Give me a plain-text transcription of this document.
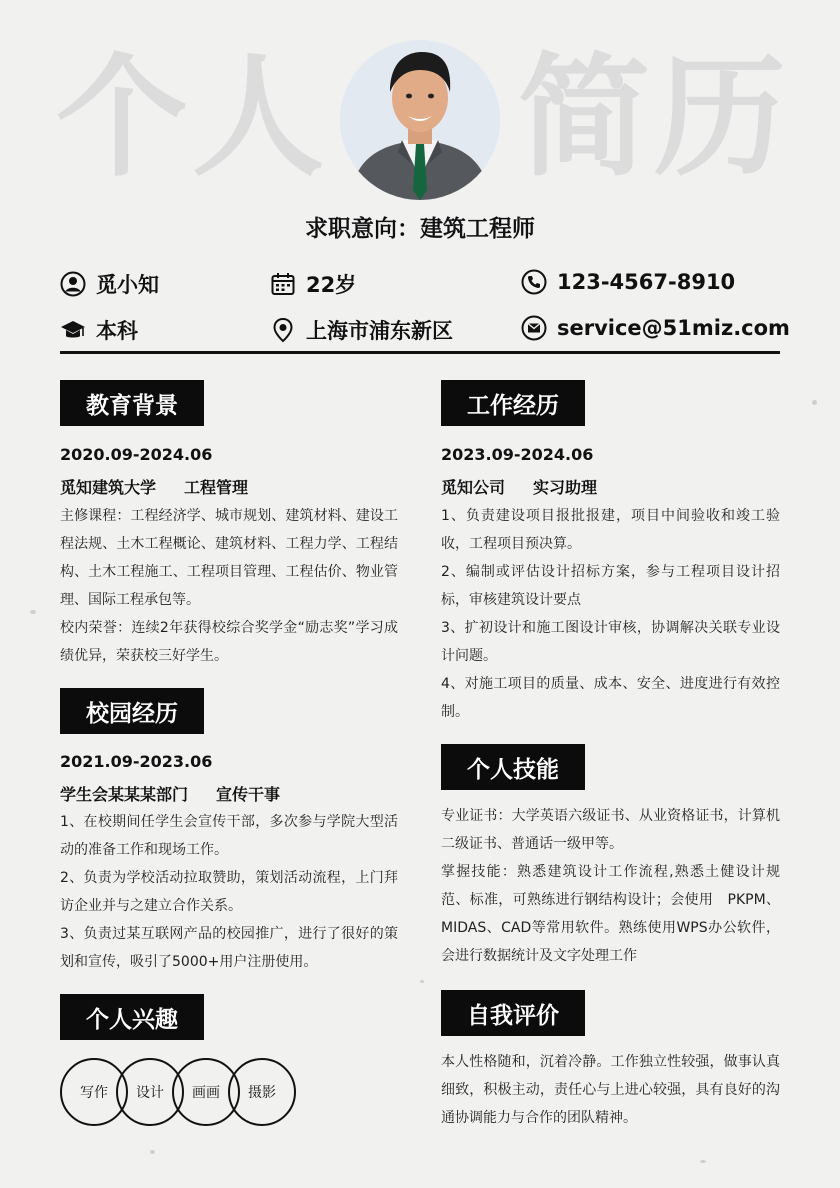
个人 简历
求职意向：建筑工程师
觅小知	22岁	123-4567-8910
本科	上海市浦东新区	service@51miz.com
教育背景
2020.09-2024.06
觅知建筑大学 工程管理
主修课程：工程经济学、城市规划、建筑材料、建设工程法规、土木工程概论、建筑材料、工程力学、工程结构、土木工程施工、工程项目管理、工程估价、物业管理、国际工程承包等。
校内荣誉：连续2年获得校综合奖学金“励志奖”学习成绩优异，荣获校三好学生。
校园经历
2021.09-2023.06
学生会某某某部门 宣传干事
1、在校期间任学生会宣传干部，多次参与学院大型活动的准备工作和现场工作。
2、负责为学校活动拉取赞助，策划活动流程，上门拜访企业并与之建立合作关系。
3、负责过某互联网产品的校园推广，进行了很好的策划和宣传，吸引了5000+用户注册使用。
个人兴趣
写作	设计	画画	摄影
工作经历
2023.09-2024.06
觅知公司 实习助理
1、负责建设项目报批报建，项目中间验收和竣工验收，工程项目预决算。
2、编制或评估设计招标方案，参与工程项目设计招标，审核建筑设计要点
3、扩初设计和施工图设计审核，协调解决关联专业设计问题。
4、对施工项目的质量、成本、安全、进度进行有效控制。
个人技能
专业证书：大学英语六级证书、从业资格证书，计算机二级证书、普通话一级甲等。
掌握技能：熟悉建筑设计工作流程,熟悉土健设计规范、标准，可熟练进行钢结构设计；会使用　PKPM、MIDAS、CAD等常用软件。熟练使用WPS办公软件，会进行数据统计及文字处理工作
自我评价
本人性格随和，沉着冷静。工作独立性较强，做事认真细致，积极主动，责任心与上进心较强，具有良好的沟通协调能力与合作的团队精神。
